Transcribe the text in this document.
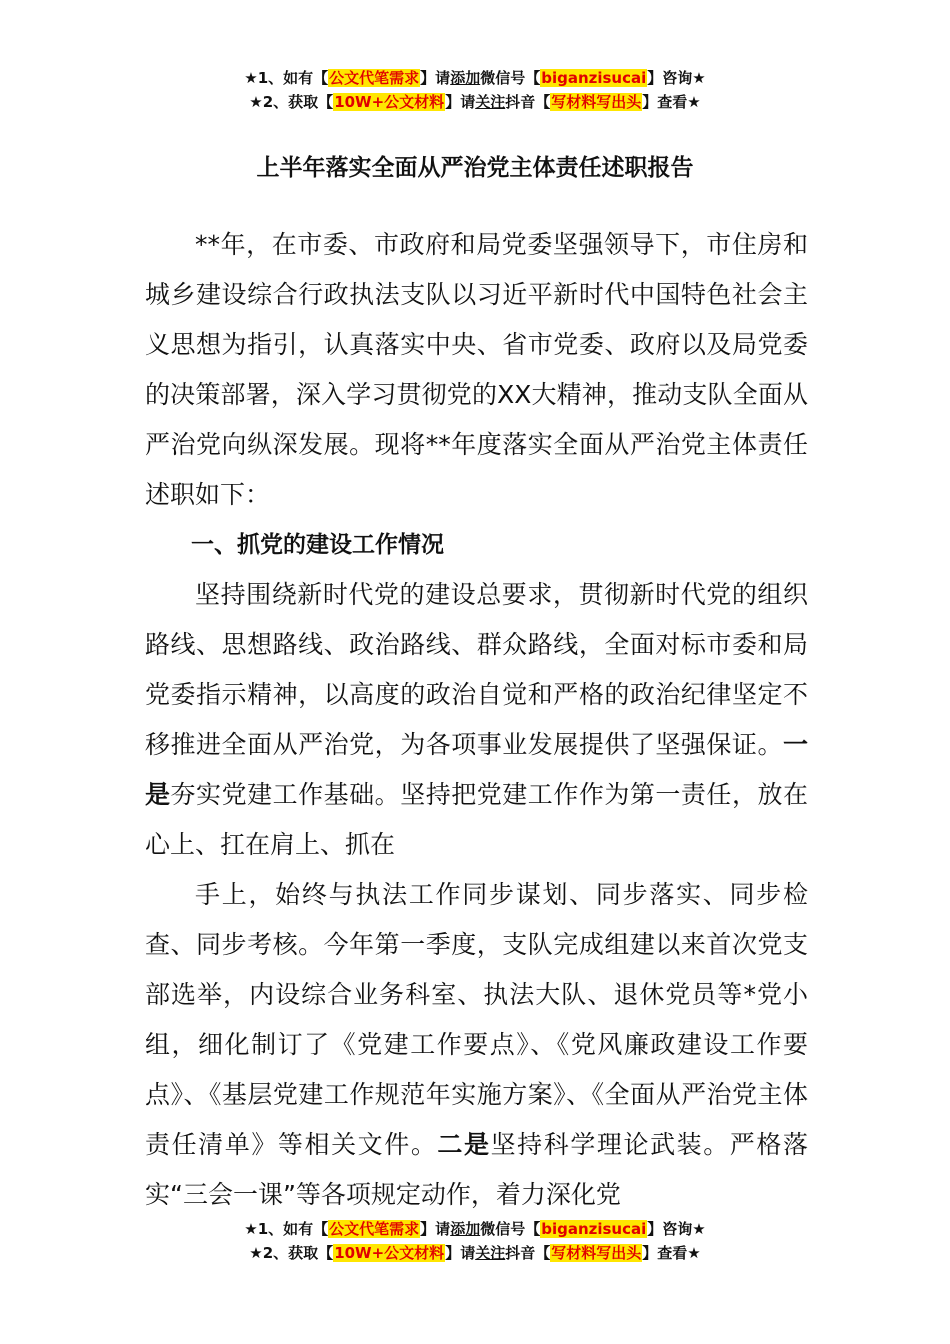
★1、如有【公文代笔需求】请添加微信号【biganzisucai】咨询★
★2、获取【10W+公文材料】请关注抖音【写材料写出头】查看★
上半年落实全面从严治党主体责任述职报告

**年，在市委、市政府和局党委坚强领导下，市住房和城乡建设综合行政执法支队以习近平新时代中国特色社会主义思想为指引，认真落实中央、省市党委、政府以及局党委的决策部署，深入学习贯彻党的XX大精神，推动支队全面从严治党向纵深发展。现将**年度落实全面从严治党主体责任述职如下：

一、抓党的建设工作情况

坚持围绕新时代党的建设总要求，贯彻新时代党的组织路线、思想路线、政治路线、群众路线，全面对标市委和局党委指示精神，以高度的政治自觉和严格的政治纪律坚定不移推进全面从严治党，为各项事业发展提供了坚强保证。一是夯实党建工作基础。坚持把党建工作作为第一责任，放在心上、扛在肩上、抓在

手上，始终与执法工作同步谋划、同步落实、同步检查、同步考核。今年第一季度，支队完成组建以来首次党支部选举，内设综合业务科室、执法大队、退休党员等*党小组，细化制订了《党建工作要点》、《党风廉政建设工作要点》、《基层党建工作规范年实施方案》、《全面从严治党主体责任清单》等相关文件。二是坚持科学理论武装。严格落实“三会一课”等各项规定动作，着力深化党

★1、如有【公文代笔需求】请添加微信号【biganzisucai】咨询★
★2、获取【10W+公文材料】请关注抖音【写材料写出头】查看★
